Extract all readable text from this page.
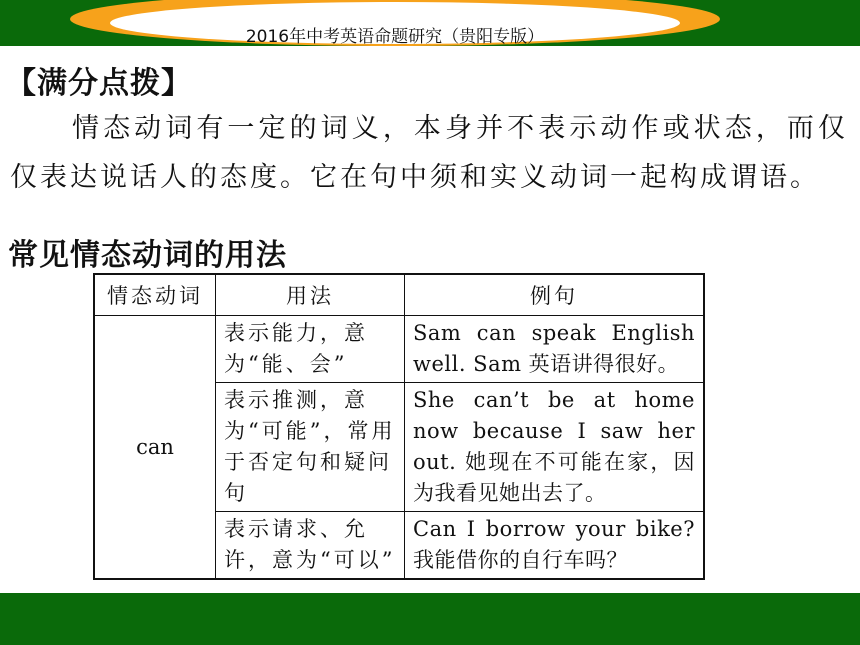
2016年中考英语命题研究（贵阳专版）
【满分点拨】
情态动词有一定的词义，本身并不表示动作或状态，而仅仅表达说话人的态度。它在句中须和实义动词一起构成谓语。
常见情态动词的用法
情态动词	用法	例句
can	表示能力，意为“能、会”	Sam can speak English well. Sam 英语讲得很好。
	表示推测，意为“可能”，常用于否定句和疑问句	She can’t be at home now because I saw her out. 她现在不可能在家，因为我看见她出去了。
	表示请求、允许，意为“可以”	Can I borrow your bike? 我能借你的自行车吗？
